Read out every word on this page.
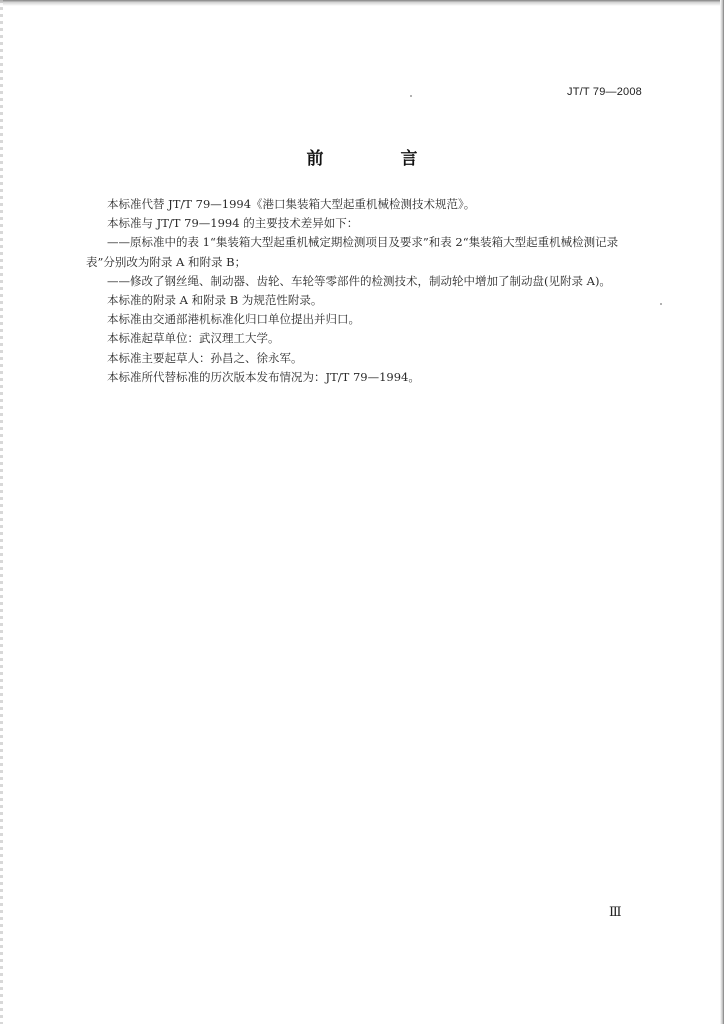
JT/T 79—2008
前　言

本标准代替 JT/T 79—1994《港口集装箱大型起重机械检测技术规范》。

本标准与 JT/T 79—1994 的主要技术差异如下：

——原标准中的表 1“集装箱大型起重机械定期检测项目及要求”和表 2“集装箱大型起重机械检测记录表”分别改为附录 A 和附录 B；

——修改了钢丝绳、制动器、齿轮、车轮等零部件的检测技术，制动轮中增加了制动盘(见附录 A)。

本标准的附录 A 和附录 B 为规范性附录。

本标准由交通部港机标准化归口单位提出并归口。

本标准起草单位：武汉理工大学。

本标准主要起草人：孙昌之、徐永军。

本标准所代替标准的历次版本发布情况为：JT/T 79—1994。

Ⅲ
